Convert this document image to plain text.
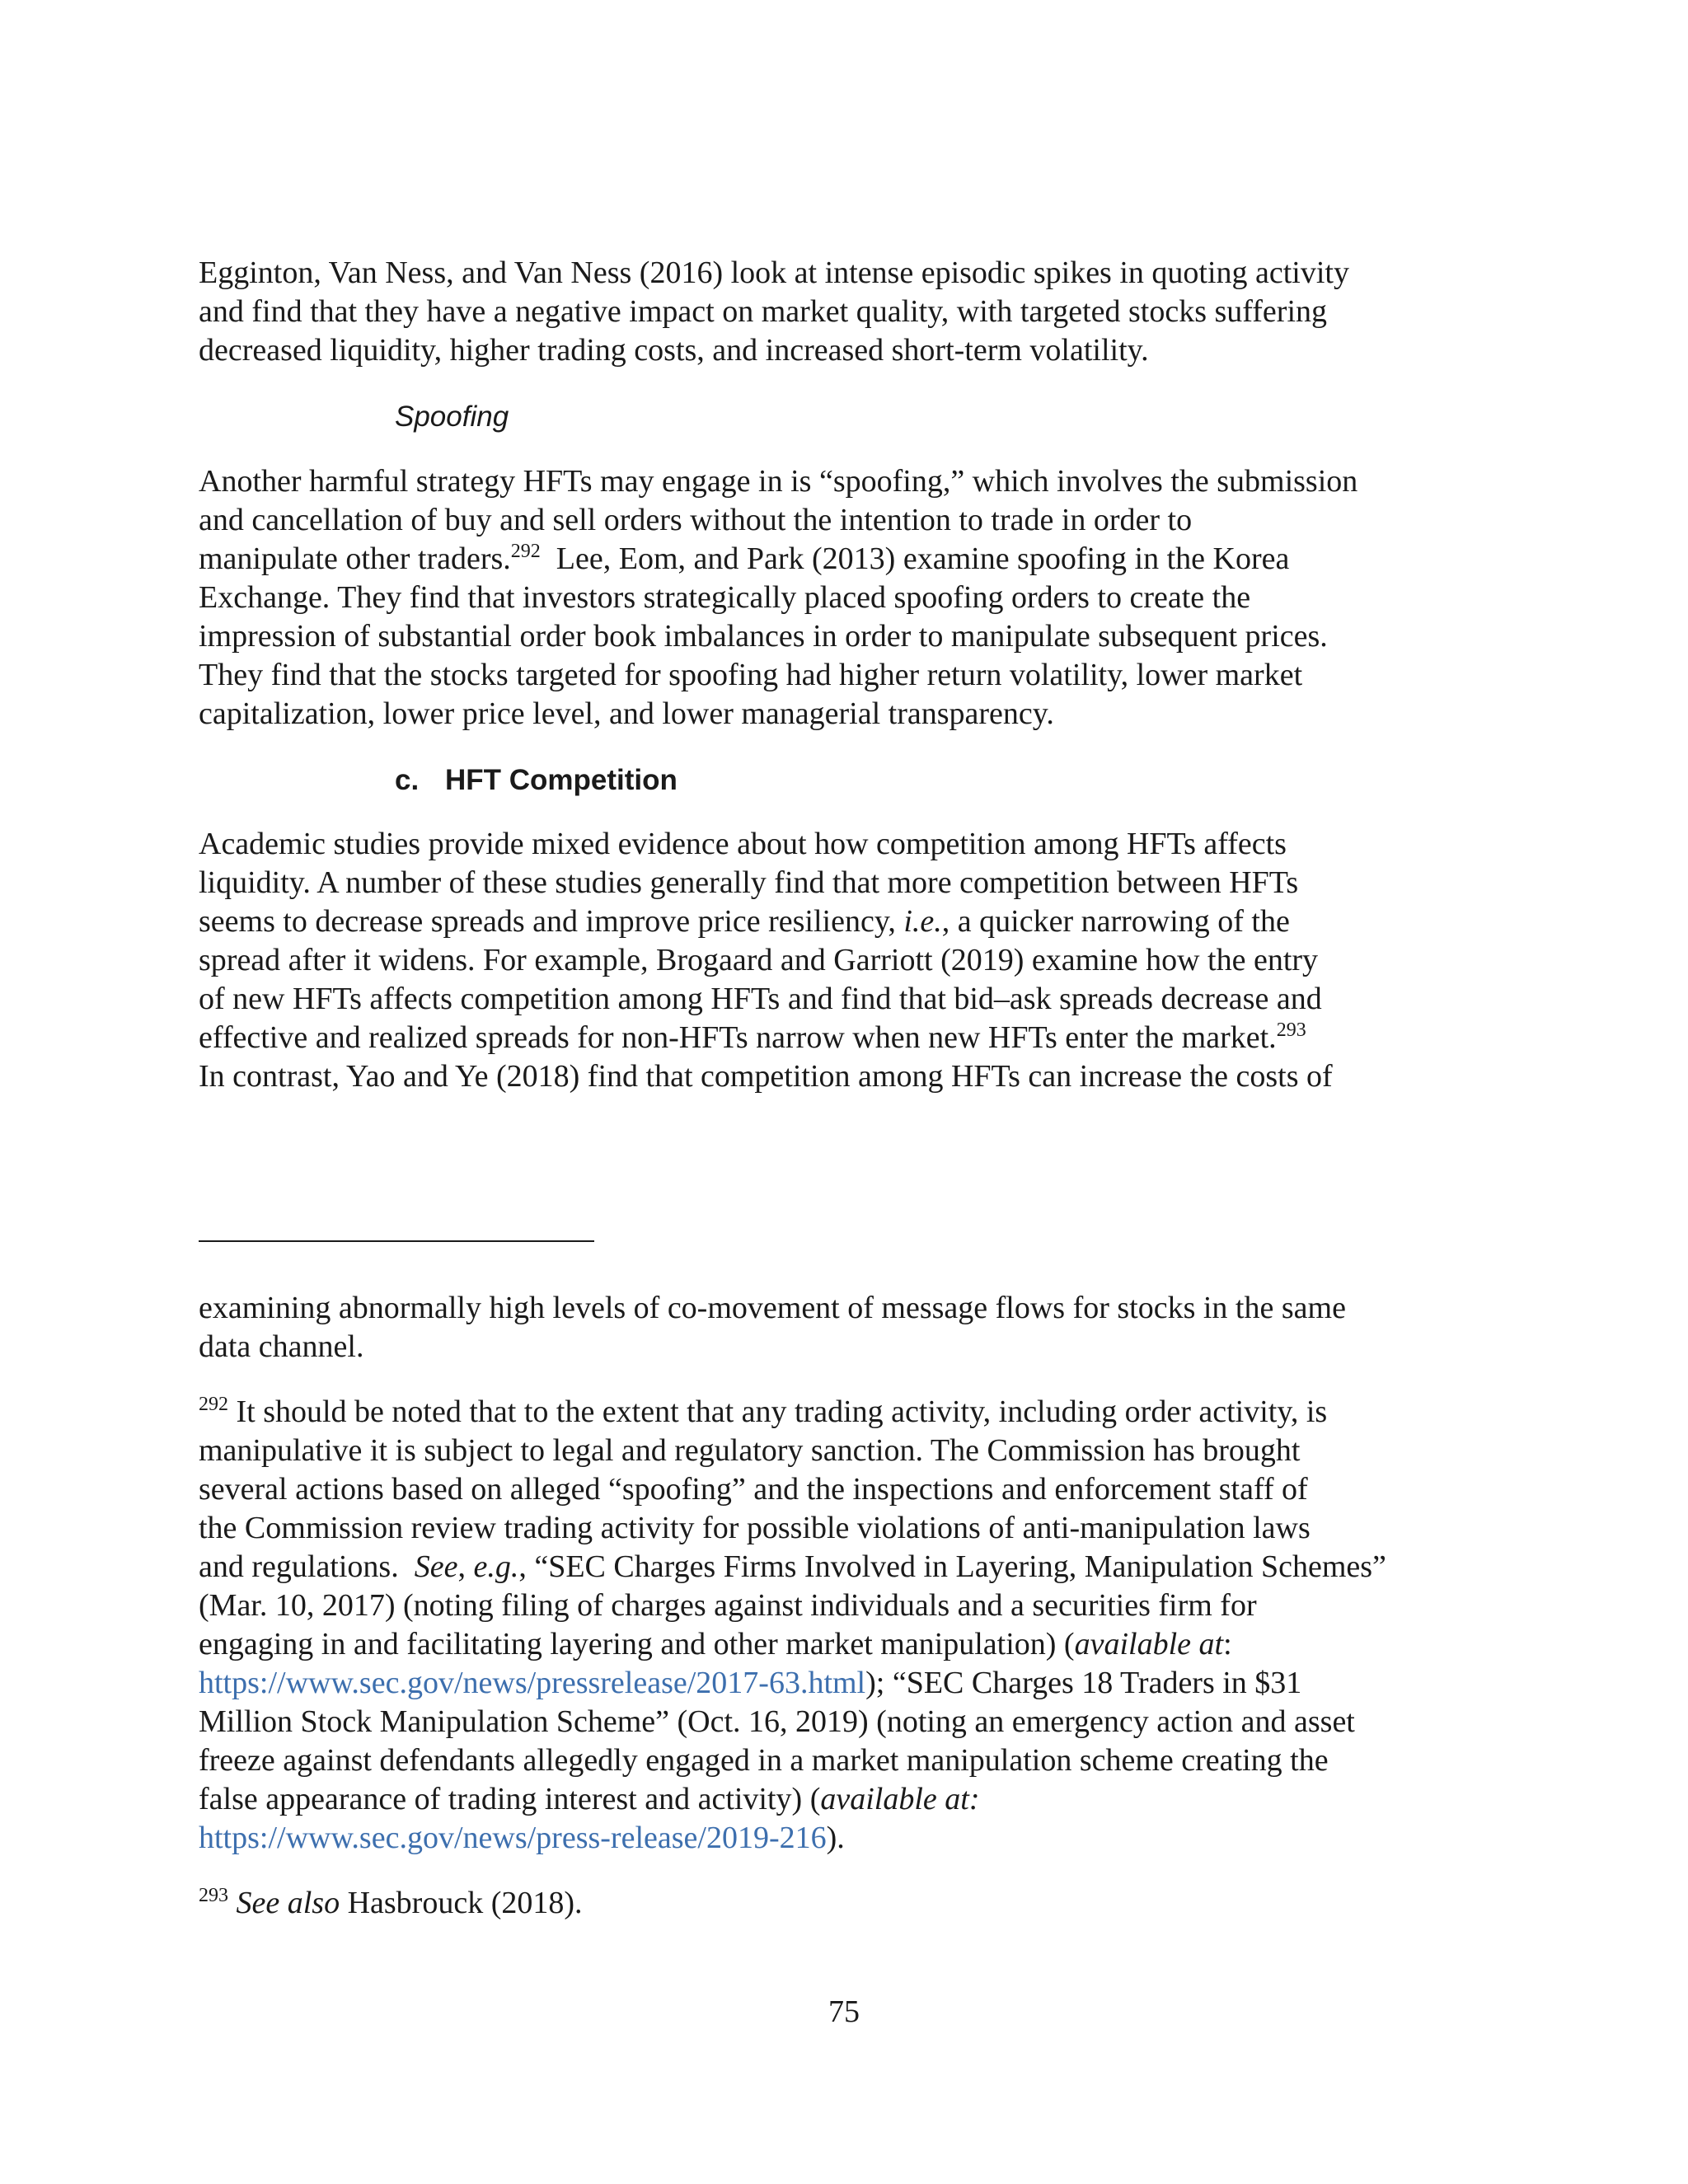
Egginton, Van Ness, and Van Ness (2016) look at intense episodic spikes in quoting activity

and find that they have a negative impact on market quality, with targeted stocks suffering

decreased liquidity, higher trading costs, and increased short-term volatility.

Spoofing

Another harmful strategy HFTs may engage in is “spoofing,” which involves the submission

and cancellation of buy and sell orders without the intention to trade in order to

manipulate other traders.$^{292}$  Lee, Eom, and Park (2013) examine spoofing in the Korea

Exchange. They find that investors strategically placed spoofing orders to create the

impression of substantial order book imbalances in order to manipulate subsequent prices.

They find that the stocks targeted for spoofing had higher return volatility, lower market

capitalization, lower price level, and lower managerial transparency.

c. HFT Competition

Academic studies provide mixed evidence about how competition among HFTs affects

liquidity. A number of these studies generally find that more competition between HFTs

seems to decrease spreads and improve price resiliency, i.e., a quicker narrowing of the

spread after it widens. For example, Brogaard and Garriott (2019) examine how the entry

of new HFTs affects competition among HFTs and find that bid–ask spreads decrease and

effective and realized spreads for non-HFTs narrow when new HFTs enter the market.$^{293}$

In contrast, Yao and Ye (2018) find that competition among HFTs can increase the costs of

examining abnormally high levels of co-movement of message flows for stocks in the same

data channel.

$^{292}$ It should be noted that to the extent that any trading activity, including order activity, is

manipulative it is subject to legal and regulatory sanction. The Commission has brought

several actions based on alleged “spoofing” and the inspections and enforcement staff of

the Commission review trading activity for possible violations of anti-manipulation laws

and regulations.  See, e.g., “SEC Charges Firms Involved in Layering, Manipulation Schemes”

(Mar. 10, 2017) (noting filing of charges against individuals and a securities firm for

engaging in and facilitating layering and other market manipulation) (available at:

https://www.sec.gov/news/pressrelease/2017-63.html); “SEC Charges 18 Traders in $31

Million Stock Manipulation Scheme” (Oct. 16, 2019) (noting an emergency action and asset

freeze against defendants allegedly engaged in a market manipulation scheme creating the

false appearance of trading interest and activity) (available at:

https://www.sec.gov/news/press-release/2019-216).

$^{293}$ See also Hasbrouck (2018).

75
